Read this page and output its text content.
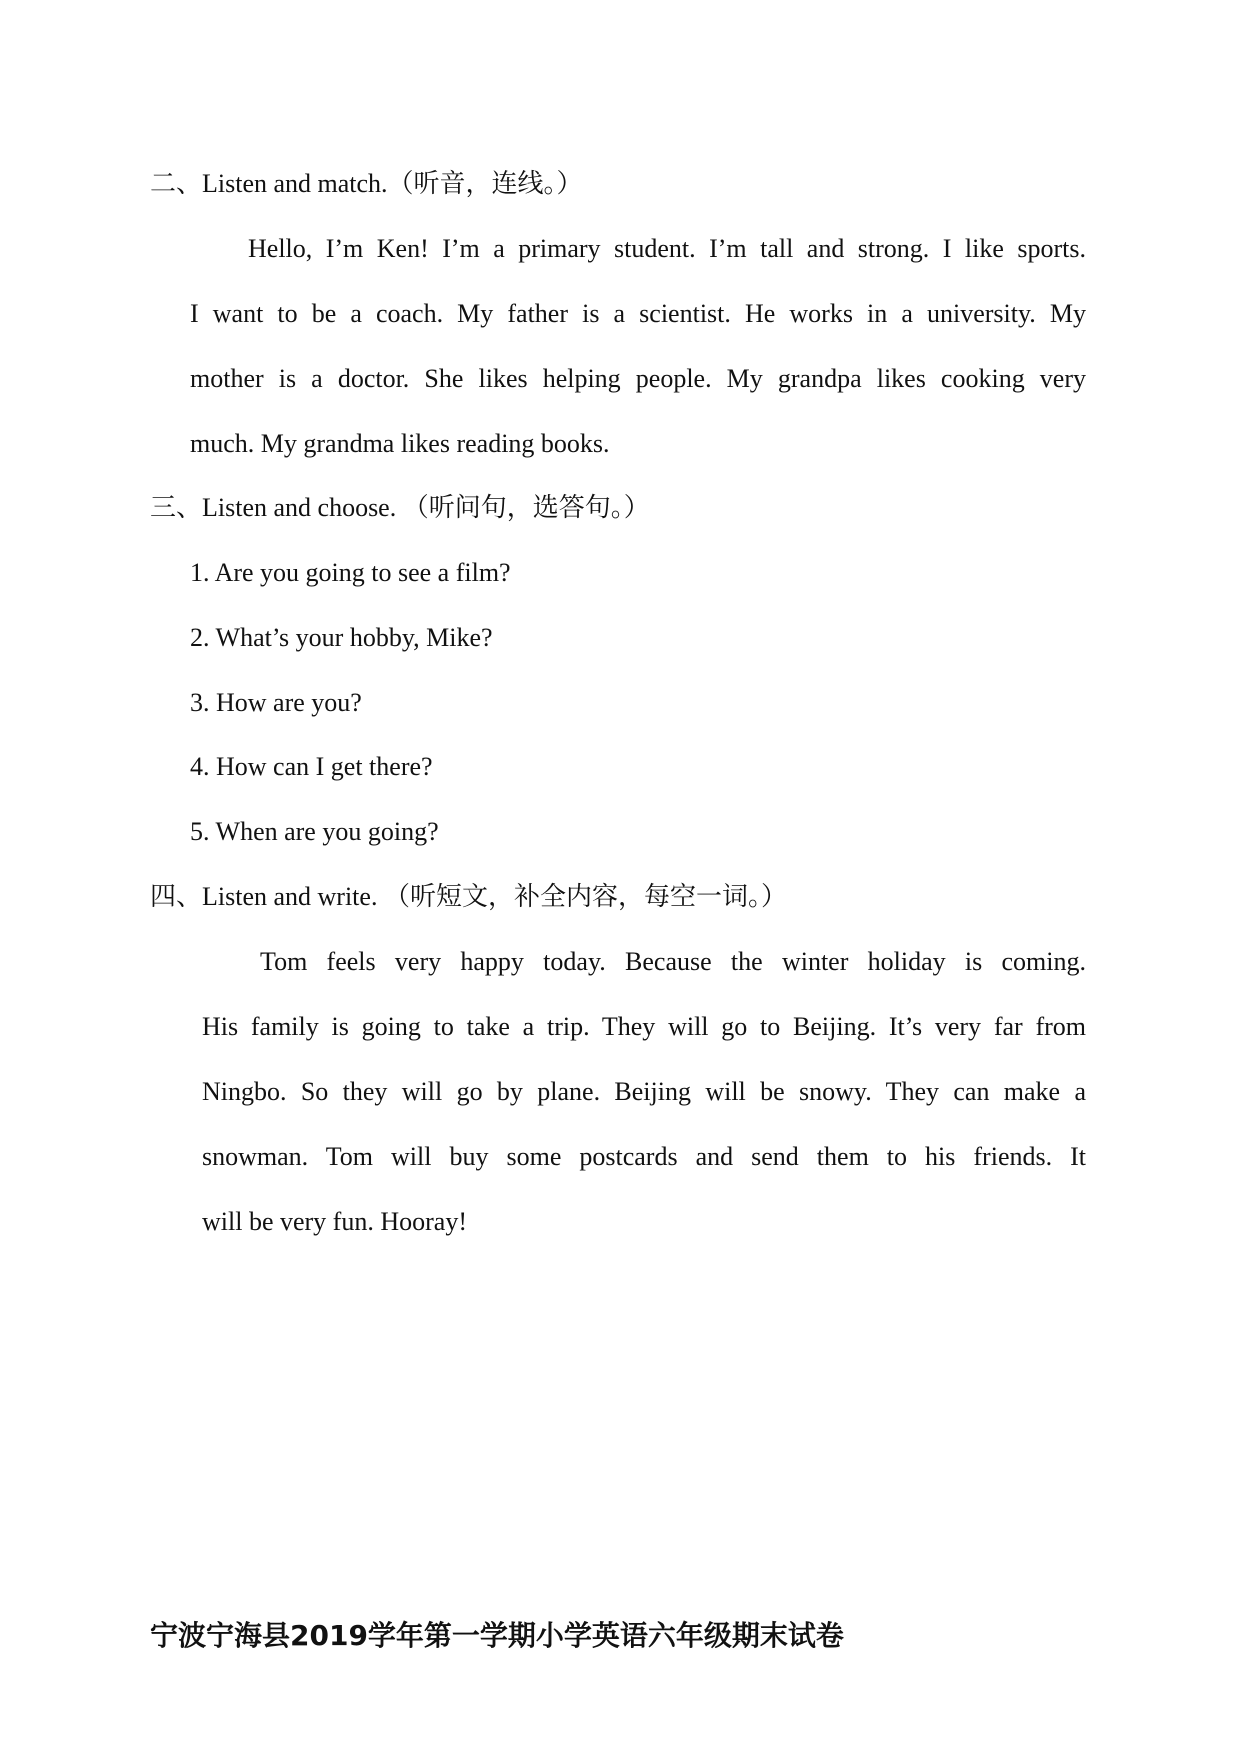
二、Listen and match.（听音，连线。）
Hello, I’m Ken! I’m a primary student. I’m tall and strong. I like sports.
I want to be a coach. My father is a scientist. He works in a university. My
mother is a doctor. She likes helping people. My grandpa likes cooking very
much. My grandma likes reading books.
三、Listen and choose. （听问句，选答句。）
1. Are you going to see a film?
2. What’s your hobby, Mike?
3. How are you?
4. How can I get there?
5. When are you going?
四、Listen and write. （听短文，补全内容，每空一词。）
Tom feels very happy today. Because the winter holiday is coming.
His family is going to take a trip. They will go to Beijing. It’s very far from
Ningbo. So they will go by plane. Beijing will be snowy. They can make a
snowman. Tom will buy some postcards and send them to his friends. It
will be very fun. Hooray!
宁波宁海县2019学年第一学期小学英语六年级期末试卷
